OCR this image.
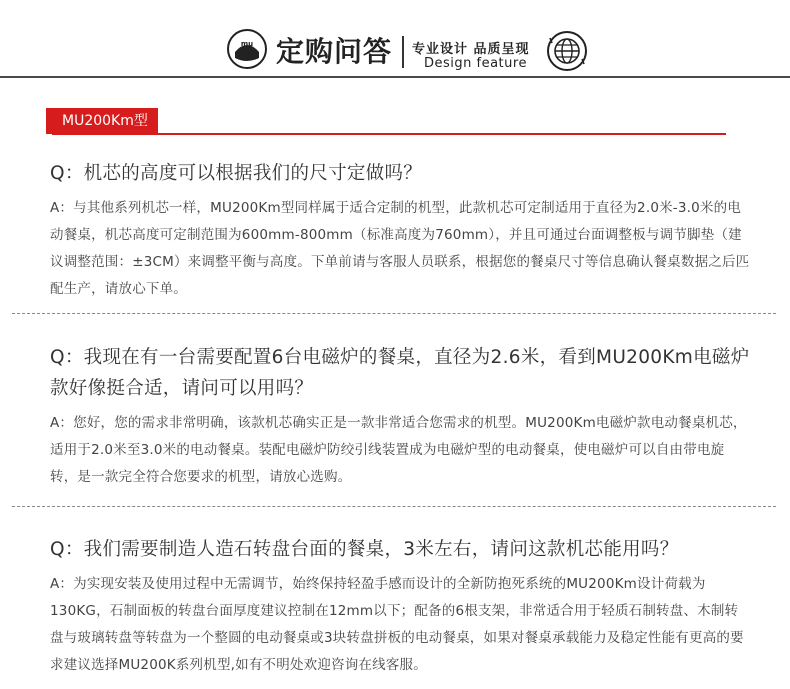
mu 定购问答 专业设计 品质呈现
Design feature
MU200Km型
Q：机芯的高度可以根据我们的尺寸定做吗？
A：与其他系列机芯一样，MU200Km型同样属于适合定制的机型，此款机芯可定制适用于直径为2.0米-3.0米的电动餐桌，机芯高度可定制范围为600mm-800mm（标准高度为760mm），并且可通过台面调整板与调节脚垫（建议调整范围：±3CM）来调整平衡与高度。下单前请与客服人员联系，根据您的餐桌尺寸等信息确认餐桌数据之后匹配生产，请放心下单。
Q：我现在有一台需要配置6台电磁炉的餐桌，直径为2.6米，看到MU200Km电磁炉款好像挺合适，请问可以用吗？
A：您好，您的需求非常明确，该款机芯确实正是一款非常适合您需求的机型。MU200Km电磁炉款电动餐桌机芯，适用于2.0米至3.0米的电动餐桌。装配电磁炉防绞引线装置成为电磁炉型的电动餐桌，使电磁炉可以自由带电旋转，是一款完全符合您要求的机型，请放心选购。
Q：我们需要制造人造石转盘台面的餐桌，3米左右，请问这款机芯能用吗？
A：为实现安装及使用过程中无需调节，始终保持轻盈手感而设计的全新防抱死系统的MU200Km设计荷载为130KG，石制面板的转盘台面厚度建议控制在12mm以下；配备的6根支架，非常适合用于轻质石制转盘、木制转盘与玻璃转盘等转盘为一个整圆的电动餐桌或3块转盘拼板的电动餐桌，如果对餐桌承载能力及稳定性能有更高的要求建议选择MU200K系列机型,如有不明处欢迎咨询在线客服。
